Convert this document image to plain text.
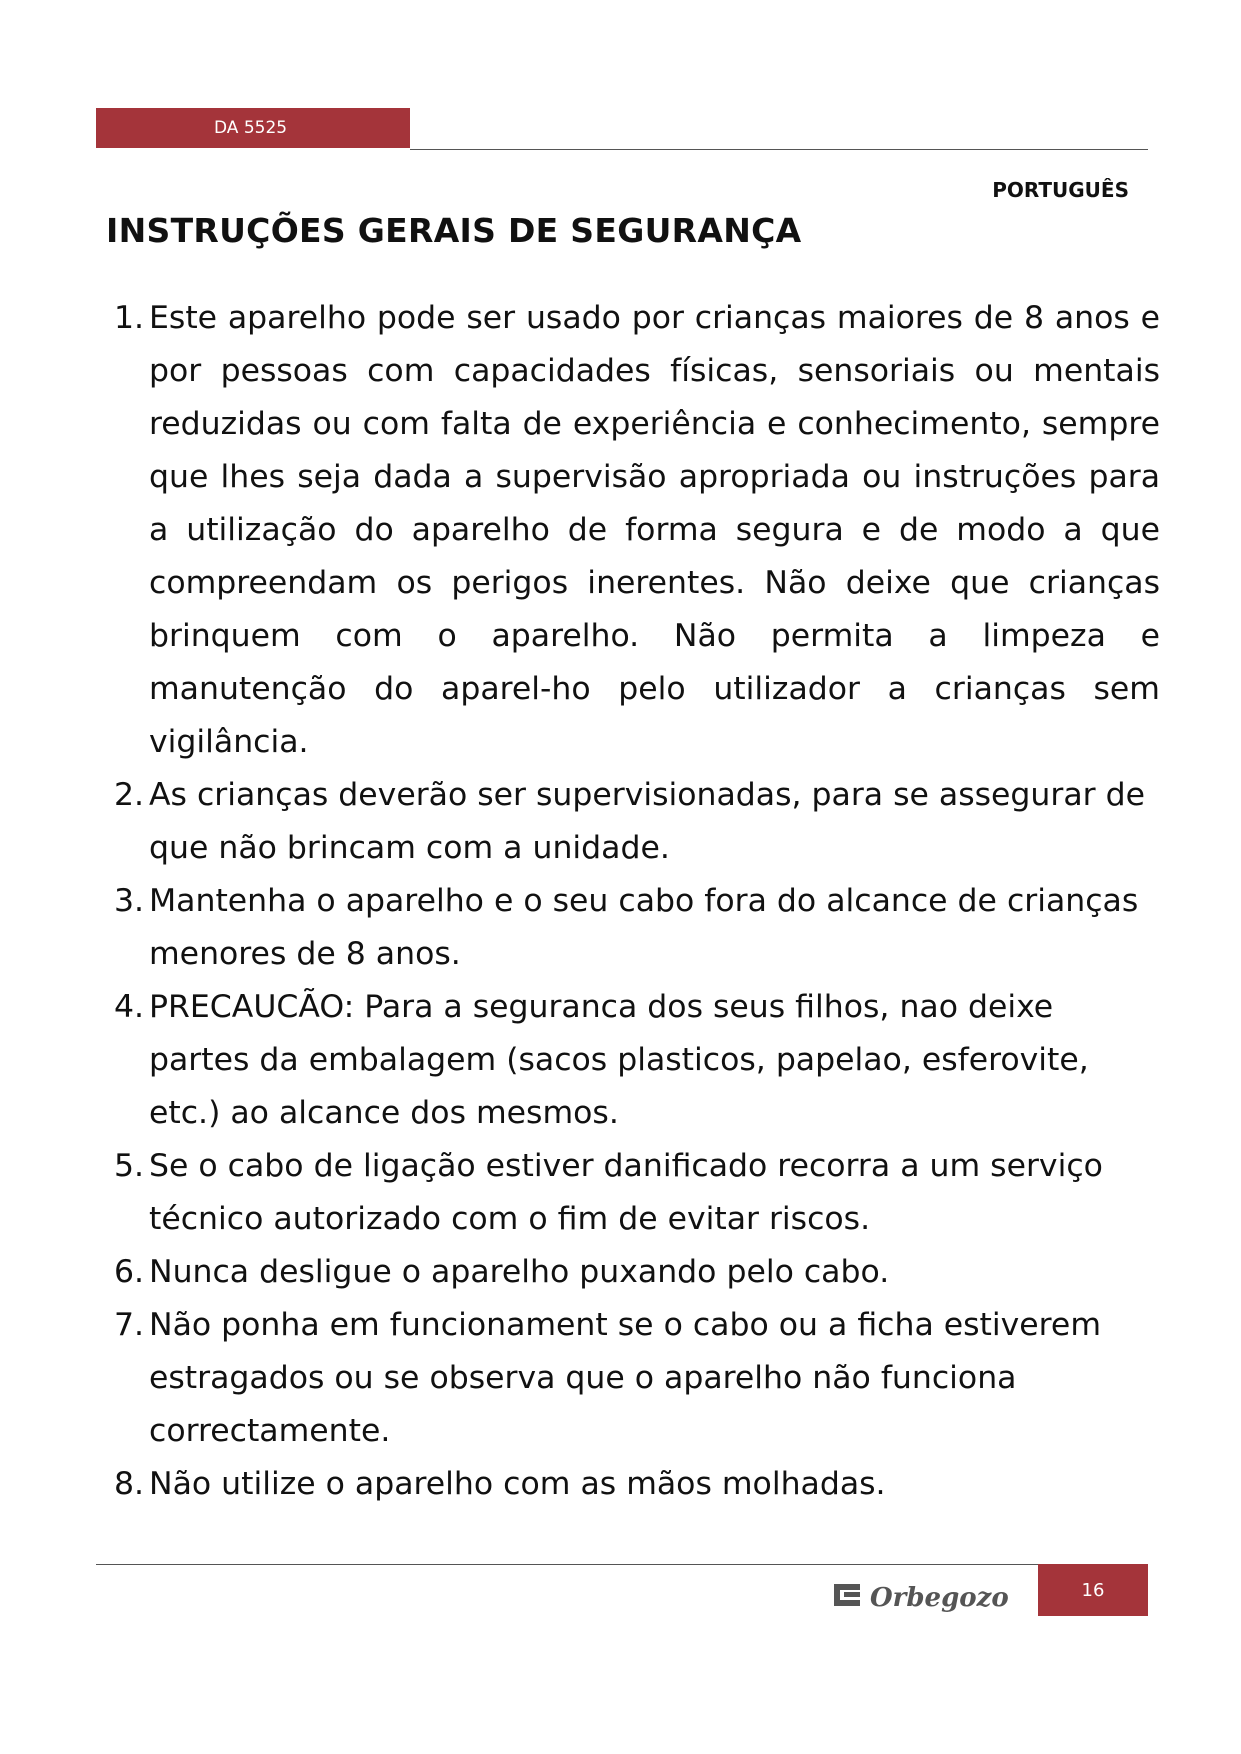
DA 5525
PORTUGUÊS
INSTRUÇÕES GERAIS DE SEGURANÇA
1. Este aparelho pode ser usado por crianças maiores de 8 anos e por pessoas com capacidades físicas, sensoriais ou mentais reduzidas ou com falta de experiência e conhecimento, sempre que lhes seja dada a supervisão apropriada ou instruções para a utilização do aparelho de forma segura e de modo a que compreendam os perigos inerentes. Não deixe que crianças brinquem com o aparelho. Não permita a limpeza e manutenção do aparel-ho pelo utilizador a crianças sem vigilância.
2. As crianças deverão ser supervisionadas, para se assegurar de que não brincam com a unidade.
3. Mantenha o aparelho e o seu cabo fora do alcance de crianças menores de 8 anos.
4. PRECAUCÃO: Para a seguranca dos seus filhos, nao deixe partes da embalagem (sacos plasticos, papelao, esferovite, etc.) ao alcance dos mesmos.
5. Se o cabo de ligação estiver danificado recorra a um serviço técnico autorizado com o fim de evitar riscos.
6. Nunca desligue o aparelho puxando pelo cabo.
7. Não ponha em funcionament se o cabo ou a ficha estiverem estragados ou se observa que o aparelho não funciona correctamente.
8. Não utilize o aparelho com as mãos molhadas.
Orbegozo	16
